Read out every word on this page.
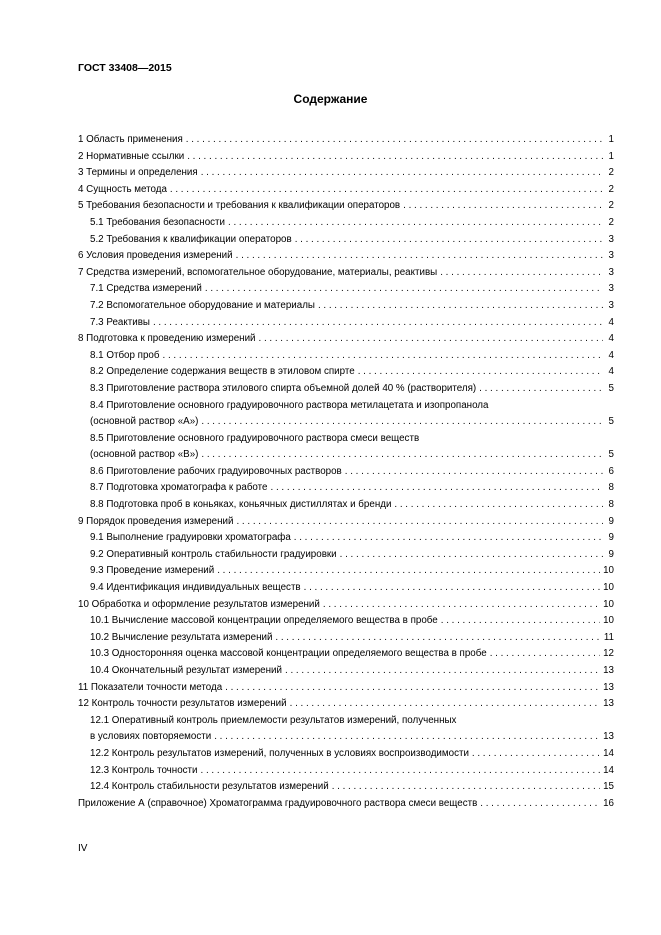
ГОСТ 33408—2015

Содержание
1 Область применения . . .	1
2 Нормативные ссылки . . .	1
3 Термины и определения . . .	2
4 Сущность метода . . .	2
5 Требования безопасности и требования к квалификации операторов . . .	2
5.1 Требования безопасности . . .	2
5.2 Требования к квалификации операторов . . .	3
6 Условия проведения измерений . . .	3
7 Средства измерений, вспомогательное оборудование, материалы, реактивы . . .	3
7.1 Средства измерений . . .	3
7.2 Вспомогательное оборудование и материалы . . .	3
7.3 Реактивы . . .	4
8 Подготовка к проведению измерений . . .	4
8.1 Отбор проб . . .	4
8.2 Определение содержания веществ в этиловом спирте . . .	4
8.3 Приготовление раствора этилового спирта объемной долей 40 % (растворителя) . . .	5
8.4 Приготовление основного градуировочного раствора метилацетата и изопропанола
(основной раствор «А») . . .	5
8.5 Приготовление основного градуировочного раствора смеси веществ
(основной раствор «В») . . .	5
8.6 Приготовление рабочих градуировочных растворов . . .	6
8.7 Подготовка хроматографа к работе . . .	8
8.8 Подготовка проб в коньяках, коньячных дистиллятах и бренди . . .	8
9 Порядок проведения измерений . . .	9
9.1 Выполнение градуировки хроматографа . . .	9
9.2 Оперативный контроль стабильности градуировки . . .	9
9.3 Проведение измерений . . .	10
9.4 Идентификация индивидуальных веществ . . .	10
10 Обработка и оформление результатов измерений . . .	10
10.1 Вычисление массовой концентрации определяемого вещества в пробе . . .	10
10.2 Вычисление результата измерений . . .	11
10.3 Односторонняя оценка массовой концентрации определяемого вещества в пробе . . .	12
10.4 Окончательный результат измерений . . .	13
11 Показатели точности метода . . .	13
12 Контроль точности результатов измерений . . .	13
12.1 Оперативный контроль приемлемости результатов измерений, полученных
в условиях повторяемости . . .	13
12.2 Контроль результатов измерений, полученных в условиях воспроизводимости . . .	14
12.3 Контроль точности . . .	14
12.4 Контроль стабильности результатов измерений . . .	15
Приложение А (справочное) Хроматограмма градуировочного раствора смеси веществ . . .	16

IV
